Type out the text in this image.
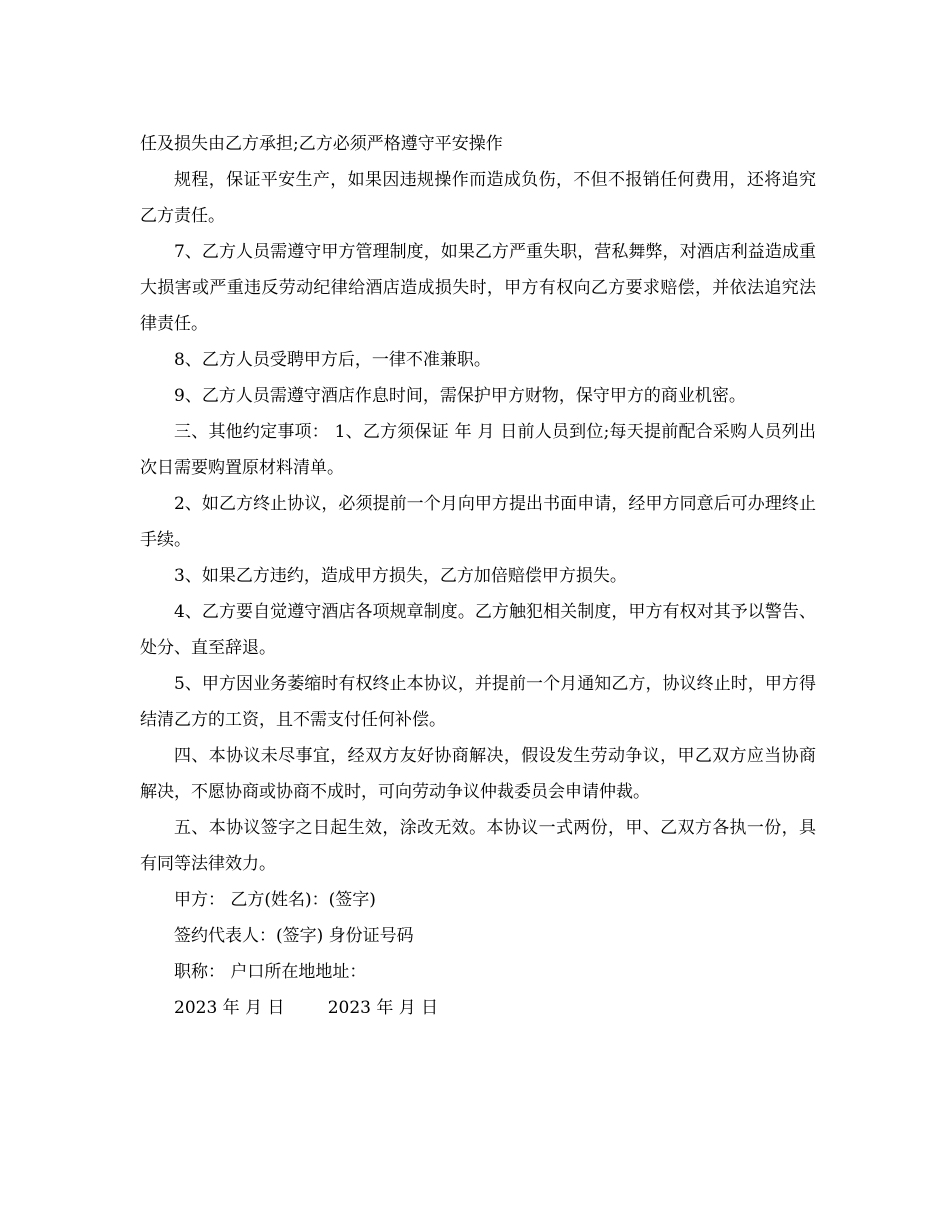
任及损失由乙方承担;乙方必须严格遵守平安操作

规程，保证平安生产，如果因违规操作而造成负伤，不但不报销任何费用，还将追究乙方责任。

7、乙方人员需遵守甲方管理制度，如果乙方严重失职，营私舞弊，对酒店利益造成重大损害或严重违反劳动纪律给酒店造成损失时，甲方有权向乙方要求赔偿，并依法追究法律责任。

8、乙方人员受聘甲方后，一律不准兼职。

9、乙方人员需遵守酒店作息时间，需保护甲方财物，保守甲方的商业机密。

三、其他约定事项： 1、乙方须保证 年 月 日前人员到位;每天提前配合采购人员列出次日需要购置原材料清单。

2、如乙方终止协议，必须提前一个月向甲方提出书面申请，经甲方同意后可办理终止手续。

3、如果乙方违约，造成甲方损失，乙方加倍赔偿甲方损失。

4、乙方要自觉遵守酒店各项规章制度。乙方触犯相关制度，甲方有权对其予以警告、处分、直至辞退。

5、甲方因业务萎缩时有权终止本协议，并提前一个月通知乙方，协议终止时，甲方得结清乙方的工资，且不需支付任何补偿。

四、本协议未尽事宜，经双方友好协商解决，假设发生劳动争议，甲乙双方应当协商解决，不愿协商或协商不成时，可向劳动争议仲裁委员会申请仲裁。

五、本协议签字之日起生效，涂改无效。本协议一式两份，甲、乙双方各执一份，具有同等法律效力。

甲方： 乙方(姓名)：(签字)

签约代表人：(签字) 身份证号码

职称： 户口所在地地址：

2023 年 月 日        2023 年 月 日
